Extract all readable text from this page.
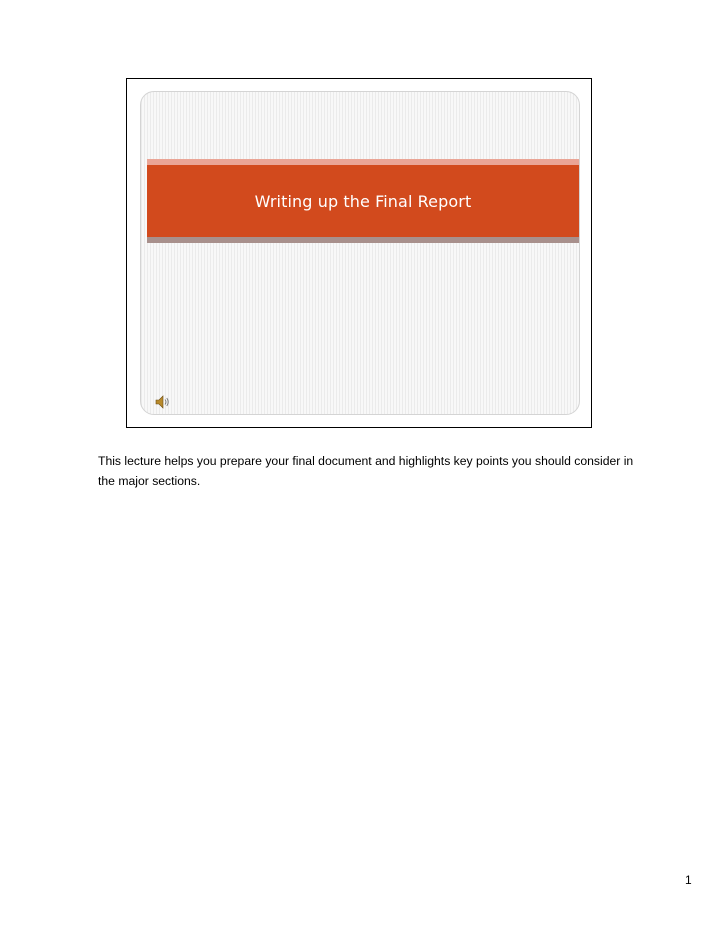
Writing up the Final Report

This lecture helps you prepare your final document and highlights key points you should consider in the major sections.

1
